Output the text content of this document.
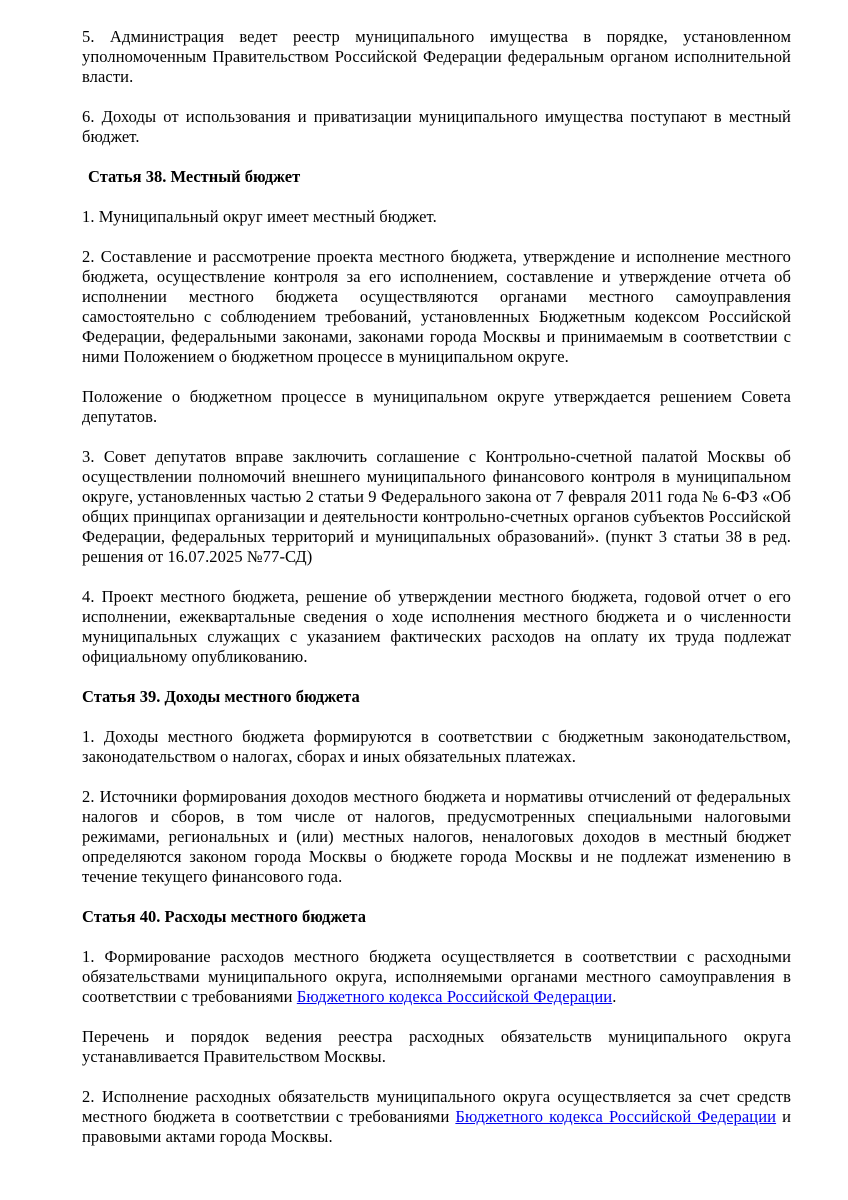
5. Администрация ведет реестр муниципального имущества в порядке, установленном уполномоченным Правительством Российской Федерации федеральным органом исполнительной власти.

6. Доходы от использования и приватизации муниципального имущества поступают в местный бюджет.

Статья 38. Местный бюджет

1. Муниципальный округ имеет местный бюджет.

2. Составление и рассмотрение проекта местного бюджета, утверждение и исполнение местного бюджета, осуществление контроля за его исполнением, составление и утверждение отчета об исполнении местного бюджета осуществляются органами местного самоуправления самостоятельно с соблюдением требований, установленных Бюджетным кодексом Российской Федерации, федеральными законами, законами города Москвы и принимаемым в соответствии с ними Положением о бюджетном процессе в муниципальном округе.

Положение о бюджетном процессе в муниципальном округе утверждается решением Совета депутатов.

3. Совет депутатов вправе заключить соглашение с Контрольно-счетной палатой Москвы об осуществлении полномочий внешнего муниципального финансового контроля в муниципальном округе, установленных частью 2 статьи 9 Федерального закона от 7 февраля 2011 года № 6-ФЗ «Об общих принципах организации и деятельности контрольно-счетных органов субъектов Российской Федерации, федеральных территорий и муниципальных образований». (пункт 3 статьи 38 в ред. решения от 16.07.2025 №77-СД)

4. Проект местного бюджета, решение об утверждении местного бюджета, годовой отчет о его исполнении, ежеквартальные сведения о ходе исполнения местного бюджета и о численности муниципальных служащих с указанием фактических расходов на оплату их труда подлежат официальному опубликованию.

Статья 39. Доходы местного бюджета

1. Доходы местного бюджета формируются в соответствии с бюджетным законодательством, законодательством о налогах, сборах и иных обязательных платежах.

2. Источники формирования доходов местного бюджета и нормативы отчислений от федеральных налогов и сборов, в том числе от налогов, предусмотренных специальными налоговыми режимами, региональных и (или) местных налогов, неналоговых доходов в местный бюджет определяются законом города Москвы о бюджете города Москвы и не подлежат изменению в течение текущего финансового года.

Статья 40. Расходы местного бюджета

1. Формирование расходов местного бюджета осуществляется в соответствии с расходными обязательствами муниципального округа, исполняемыми органами местного самоуправления в соответствии с требованиями Бюджетного кодекса Российской Федерации.

Перечень и порядок ведения реестра расходных обязательств муниципального округа устанавливается Правительством Москвы.

2. Исполнение расходных обязательств муниципального округа осуществляется за счет средств местного бюджета в соответствии с требованиями Бюджетного кодекса Российской Федерации и правовыми актами города Москвы.
